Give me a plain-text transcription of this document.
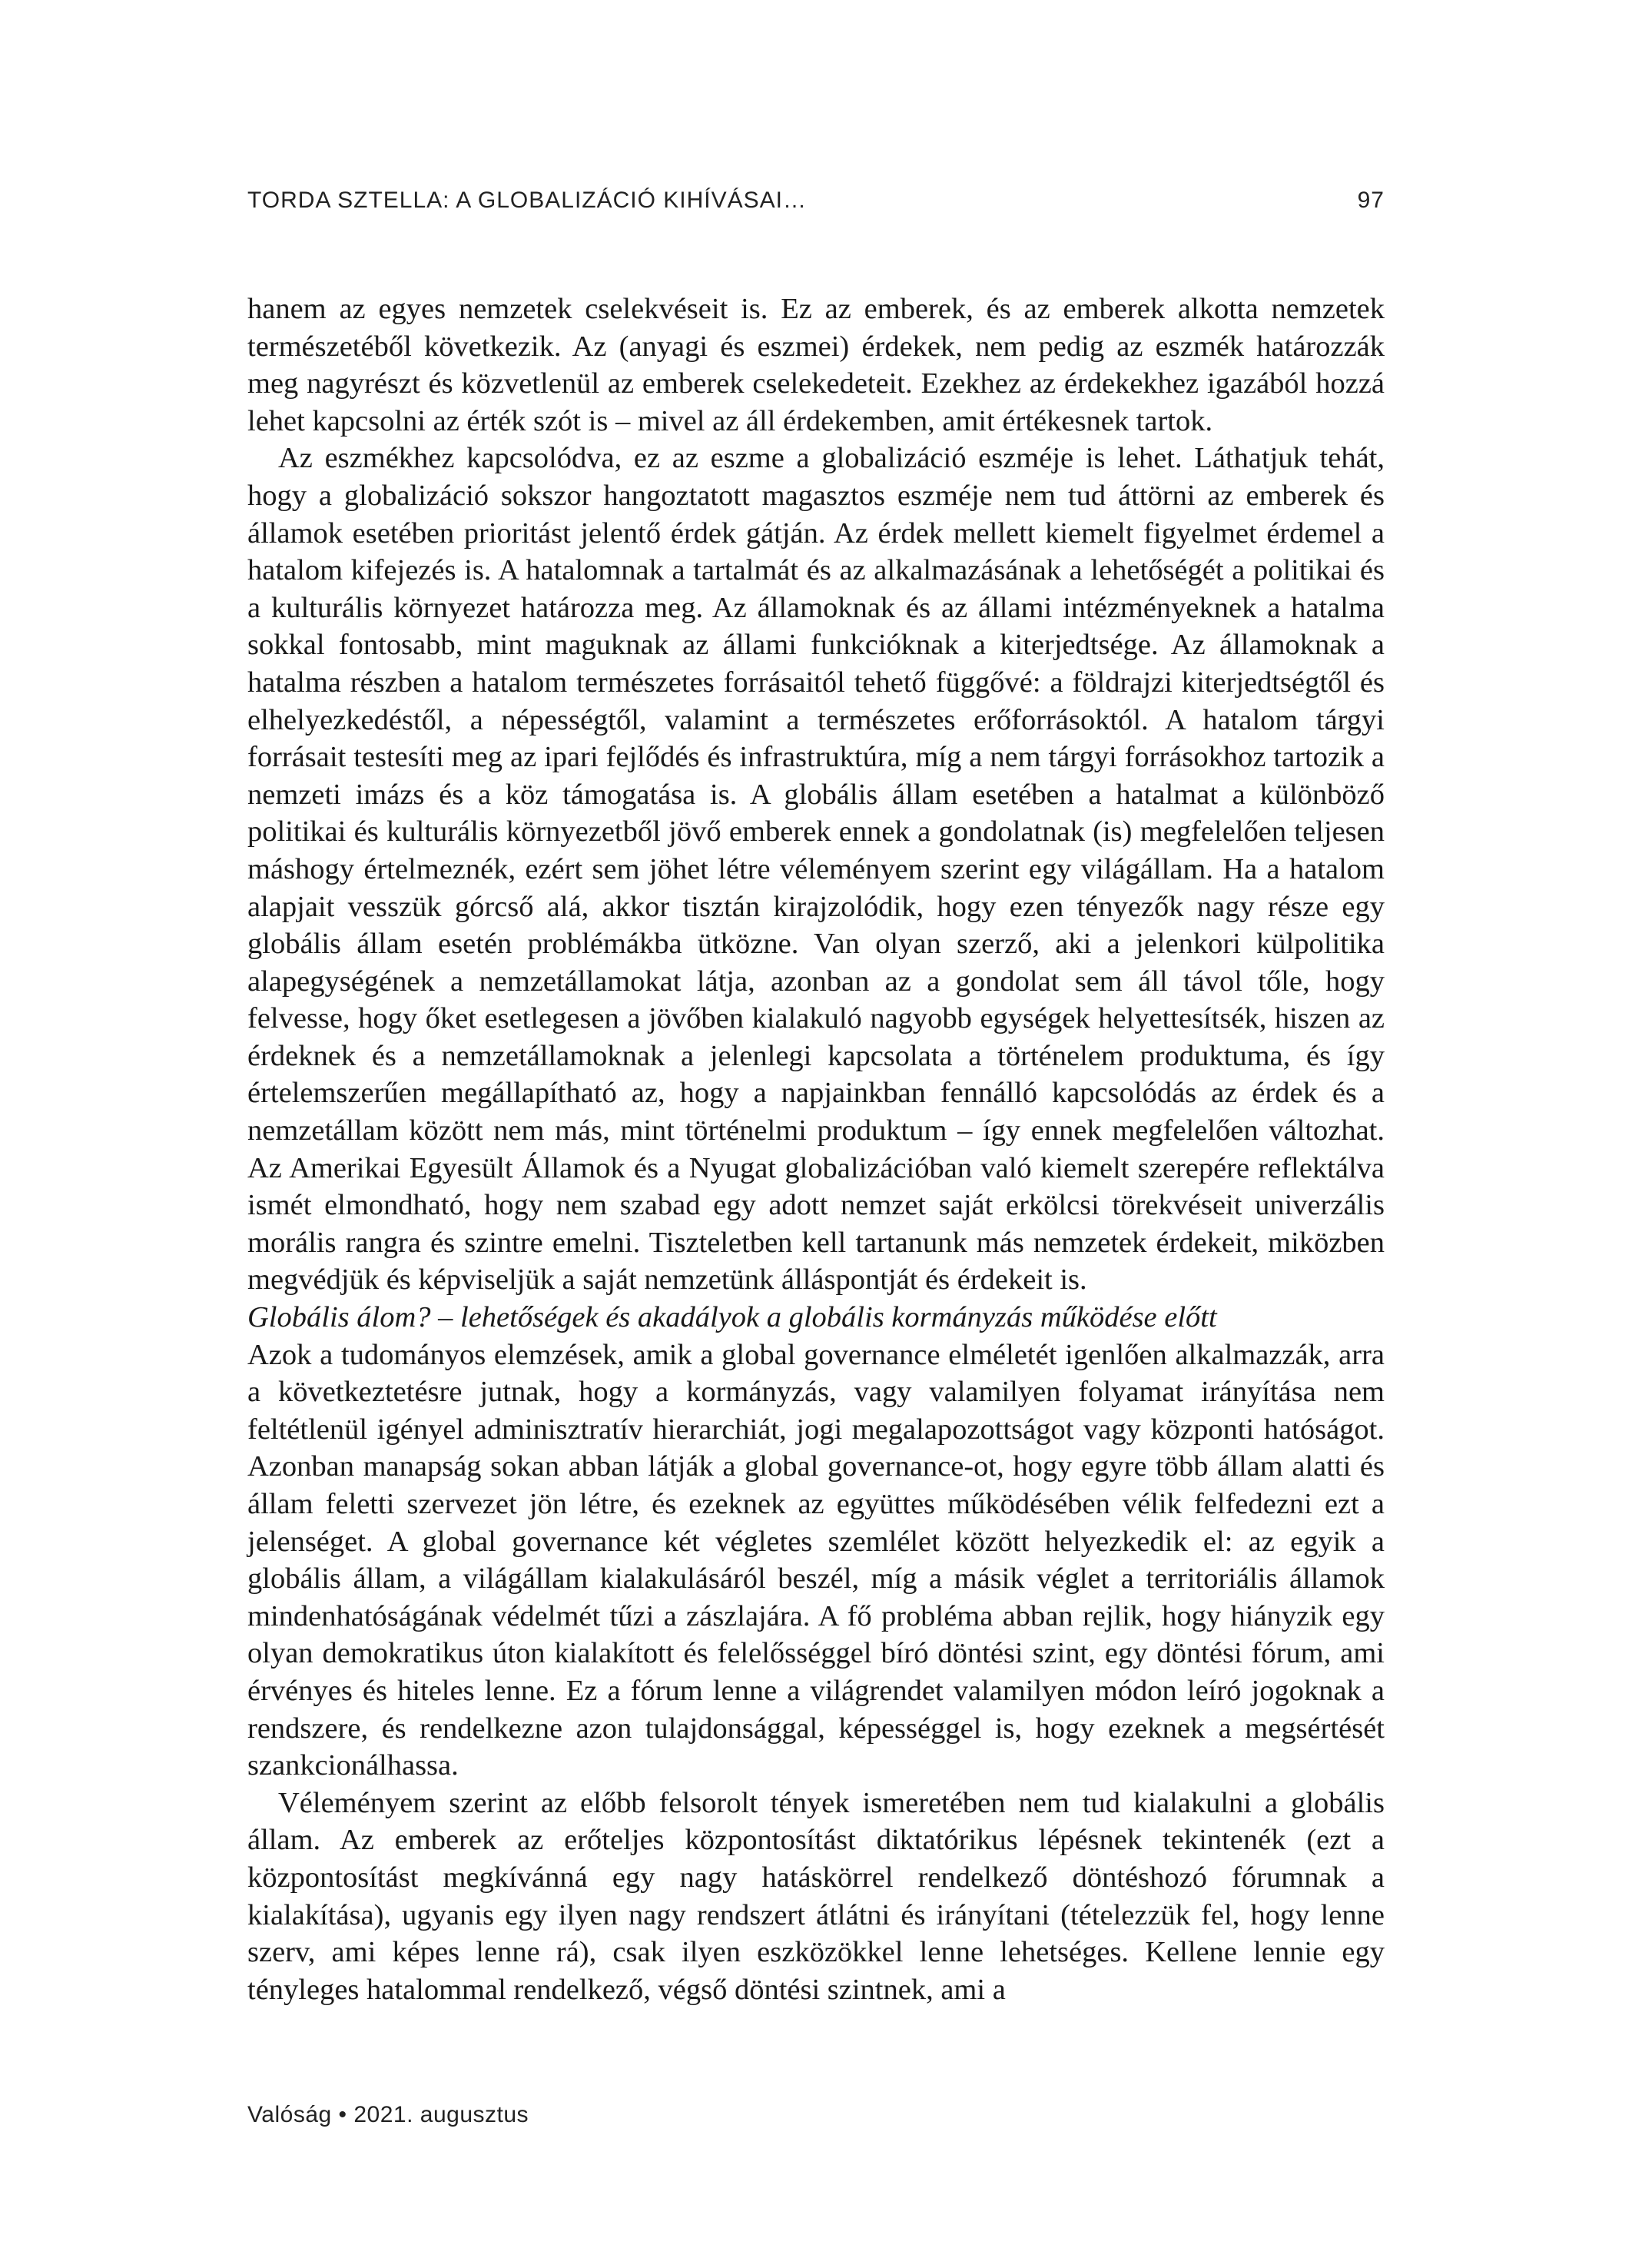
TORDA SZTELLA: A GLOBALIZÁCIÓ KIHÍVÁSAI…	97

hanem az egyes nemzetek cselekvéseit is. Ez az emberek, és az emberek alkotta nemzetek természetéből következik. Az (anyagi és eszmei) érdekek, nem pedig az eszmék határozzák meg nagyrészt és közvetlenül az emberek cselekedeteit. Ezekhez az érdekekhez igazából hozzá lehet kapcsolni az érték szót is – mivel az áll érdekemben, amit értékesnek tartok.

Az eszmékhez kapcsolódva, ez az eszme a globalizáció eszméje is lehet. Láthatjuk tehát, hogy a globalizáció sokszor hangoztatott magasztos eszméje nem tud áttörni az emberek és államok esetében prioritást jelentő érdek gátján. Az érdek mellett kiemelt figyelmet érdemel a hatalom kifejezés is. A hatalomnak a tartalmát és az alkalmazásának a lehetőségét a politikai és a kulturális környezet határozza meg. Az államoknak és az állami intézményeknek a hatalma sokkal fontosabb, mint maguknak az állami funkcióknak a kiterjedtsége. Az államoknak a hatalma részben a hatalom természetes forrásaitól tehető függővé: a földrajzi kiterjedtségtől és elhelyezkedéstől, a népességtől, valamint a természetes erőforrásoktól. A hatalom tárgyi forrásait testesíti meg az ipari fejlődés és infrastruktúra, míg a nem tárgyi forrásokhoz tartozik a nemzeti imázs és a köz támogatása is. A globális állam esetében a hatalmat a különböző politikai és kulturális környezetből jövő emberek ennek a gondolatnak (is) megfelelően teljesen máshogy értelmeznék, ezért sem jöhet létre véleményem szerint egy világállam. Ha a hatalom alapjait vesszük górcső alá, akkor tisztán kirajzolódik, hogy ezen tényezők nagy része egy globális állam esetén problémákba ütközne. Van olyan szerző, aki a jelenkori külpolitika alapegységének a nemzetállamokat látja, azonban az a gondolat sem áll távol tőle, hogy felvesse, hogy őket esetlegesen a jövőben kialakuló nagyobb egységek helyettesítsék, hiszen az érdeknek és a nemzetállamoknak a jelenlegi kapcsolata a történelem produktuma, és így értelemszerűen megállapítható az, hogy a napjainkban fennálló kapcsolódás az érdek és a nemzetállam között nem más, mint történelmi produktum – így ennek megfelelően változhat. Az Amerikai Egyesült Államok és a Nyugat globalizációban való kiemelt szerepére reflektálva ismét elmondható, hogy nem szabad egy adott nemzet saját erkölcsi törekvéseit univerzális morális rangra és szintre emelni. Tiszteletben kell tartanunk más nemzetek érdekeit, miközben megvédjük és képviseljük a saját nemzetünk álláspontját és érdekeit is.

Globális álom? – lehetőségek és akadályok a globális kormányzás működése előtt

Azok a tudományos elemzések, amik a global governance elméletét igenlően alkalmazzák, arra a következtetésre jutnak, hogy a kormányzás, vagy valamilyen folyamat irányítása nem feltétlenül igényel adminisztratív hierarchiát, jogi megalapozottságot vagy központi hatóságot. Azonban manapság sokan abban látják a global governance-ot, hogy egyre több állam alatti és állam feletti szervezet jön létre, és ezeknek az együttes működésében vélik felfedezni ezt a jelenséget. A global governance két végletes szemlélet között helyezkedik el: az egyik a globális állam, a világállam kialakulásáról beszél, míg a másik véglet a territoriális államok mindenhatóságának védelmét tűzi a zászlajára. A fő probléma abban rejlik, hogy hiányzik egy olyan demokratikus úton kialakított és felelősséggel bíró döntési szint, egy döntési fórum, ami érvényes és hiteles lenne. Ez a fórum lenne a világrendet valamilyen módon leíró jogoknak a rendszere, és rendelkezne azon tulajdonsággal, képességgel is, hogy ezeknek a megsértését szankcionálhassa.

Véleményem szerint az előbb felsorolt tények ismeretében nem tud kialakulni a globális állam. Az emberek az erőteljes központosítást diktatórikus lépésnek tekintenék (ezt a központosítást megkívánná egy nagy hatáskörrel rendelkező döntéshozó fórumnak a kialakítása), ugyanis egy ilyen nagy rendszert átlátni és irányítani (tételezzük fel, hogy lenne szerv, ami képes lenne rá), csak ilyen eszközökkel lenne lehetséges. Kellene lennie egy tényleges hatalommal rendelkező, végső döntési szintnek, ami a

Valóság • 2021. augusztus
